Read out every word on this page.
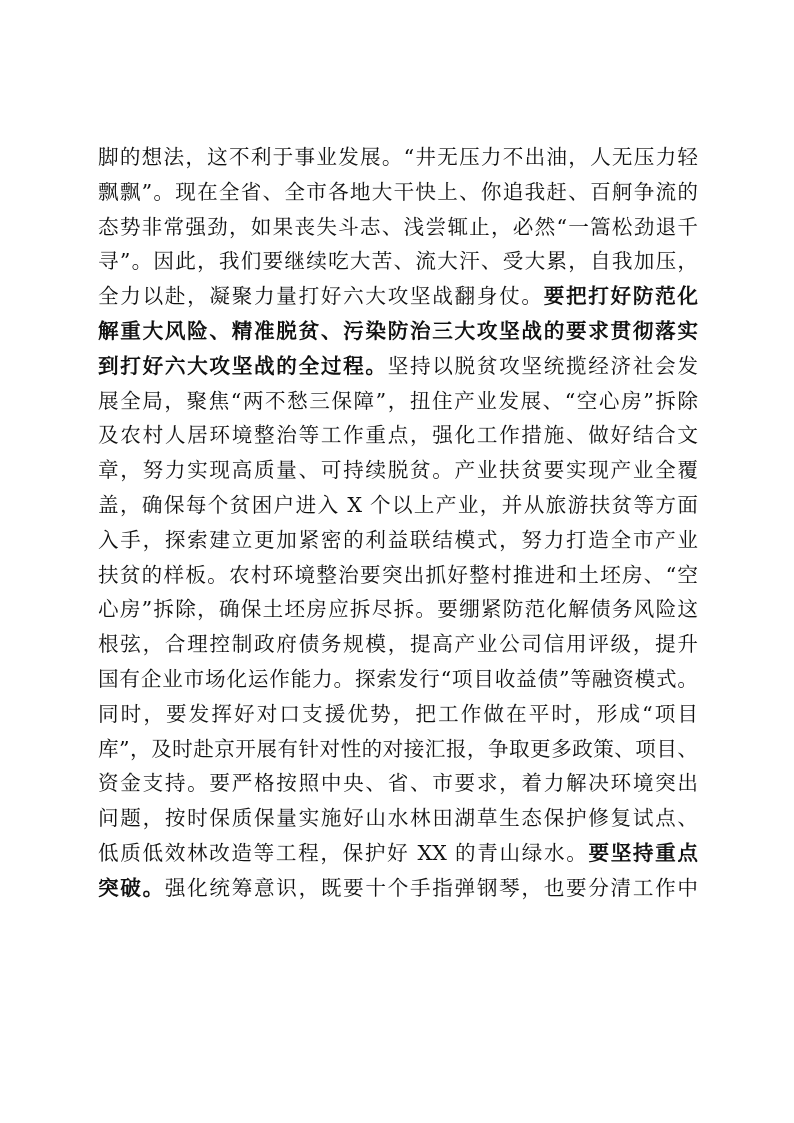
脚的想法，这不利于事业发展。“井无压力不出油，人无压力轻
飘飘”。现在全省、全市各地大干快上、你追我赶、百舸争流的
态势非常强劲，如果丧失斗志、浅尝辄止，必然“一篙松劲退千
寻”。因此，我们要继续吃大苦、流大汗、受大累，自我加压，
全力以赴，凝聚力量打好六大攻坚战翻身仗。要把打好防范化
解重大风险、精准脱贫、污染防治三大攻坚战的要求贯彻落实
到打好六大攻坚战的全过程。坚持以脱贫攻坚统揽经济社会发
展全局，聚焦“两不愁三保障”，扭住产业发展、“空心房”拆除
及农村人居环境整治等工作重点，强化工作措施、做好结合文
章，努力实现高质量、可持续脱贫。产业扶贫要实现产业全覆
盖，确保每个贫困户进入 X 个以上产业，并从旅游扶贫等方面
入手，探索建立更加紧密的利益联结模式，努力打造全市产业
扶贫的样板。农村环境整治要突出抓好整村推进和土坯房、“空
心房”拆除，确保土坯房应拆尽拆。要绷紧防范化解债务风险这
根弦，合理控制政府债务规模，提高产业公司信用评级，提升
国有企业市场化运作能力。探索发行“项目收益债”等融资模式。
同时，要发挥好对口支援优势，把工作做在平时，形成“项目
库”，及时赴京开展有针对性的对接汇报，争取更多政策、项目、
资金支持。要严格按照中央、省、市要求，着力解决环境突出
问题，按时保质保量实施好山水林田湖草生态保护修复试点、
低质低效林改造等工程，保护好 XX 的青山绿水。要坚持重点
突破。强化统筹意识，既要十个手指弹钢琴，也要分清工作中
